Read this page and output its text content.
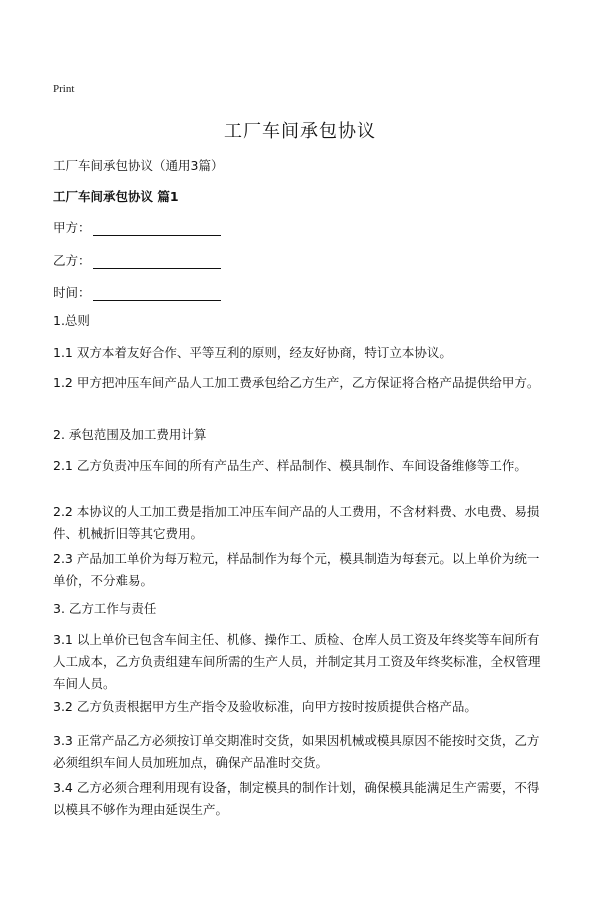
Print
工厂车间承包协议
工厂车间承包协议（通用3篇）
工厂车间承包协议 篇1
甲方：
乙方：
时间：
1.总则
1.1 双方本着友好合作、平等互利的原则，经友好协商，特订立本协议。
1.2 甲方把冲压车间产品人工加工费承包给乙方生产，乙方保证将合格产品提供给甲方。
2. 承包范围及加工费用计算
2.1 乙方负责冲压车间的所有产品生产、样品制作、模具制作、车间设备维修等工作。
2.2 本协议的人工加工费是指加工冲压车间产品的人工费用，不含材料费、水电费、易损件、机械折旧等其它费用。
2.3 产品加工单价为每万粒元，样品制作为每个元，模具制造为每套元。以上单价为统一单价，不分难易。
3. 乙方工作与责任
3.1 以上单价已包含车间主任、机修、操作工、质检、仓库人员工资及年终奖等车间所有人工成本，乙方负责组建车间所需的生产人员，并制定其月工资及年终奖标准，全权管理车间人员。
3.2 乙方负责根据甲方生产指令及验收标准，向甲方按时按质提供合格产品。
3.3 正常产品乙方必须按订单交期准时交货，如果因机械或模具原因不能按时交货，乙方必须组织车间人员加班加点，确保产品准时交货。
3.4 乙方必须合理利用现有设备，制定模具的制作计划，确保模具能满足生产需要，不得以模具不够作为理由延误生产。
